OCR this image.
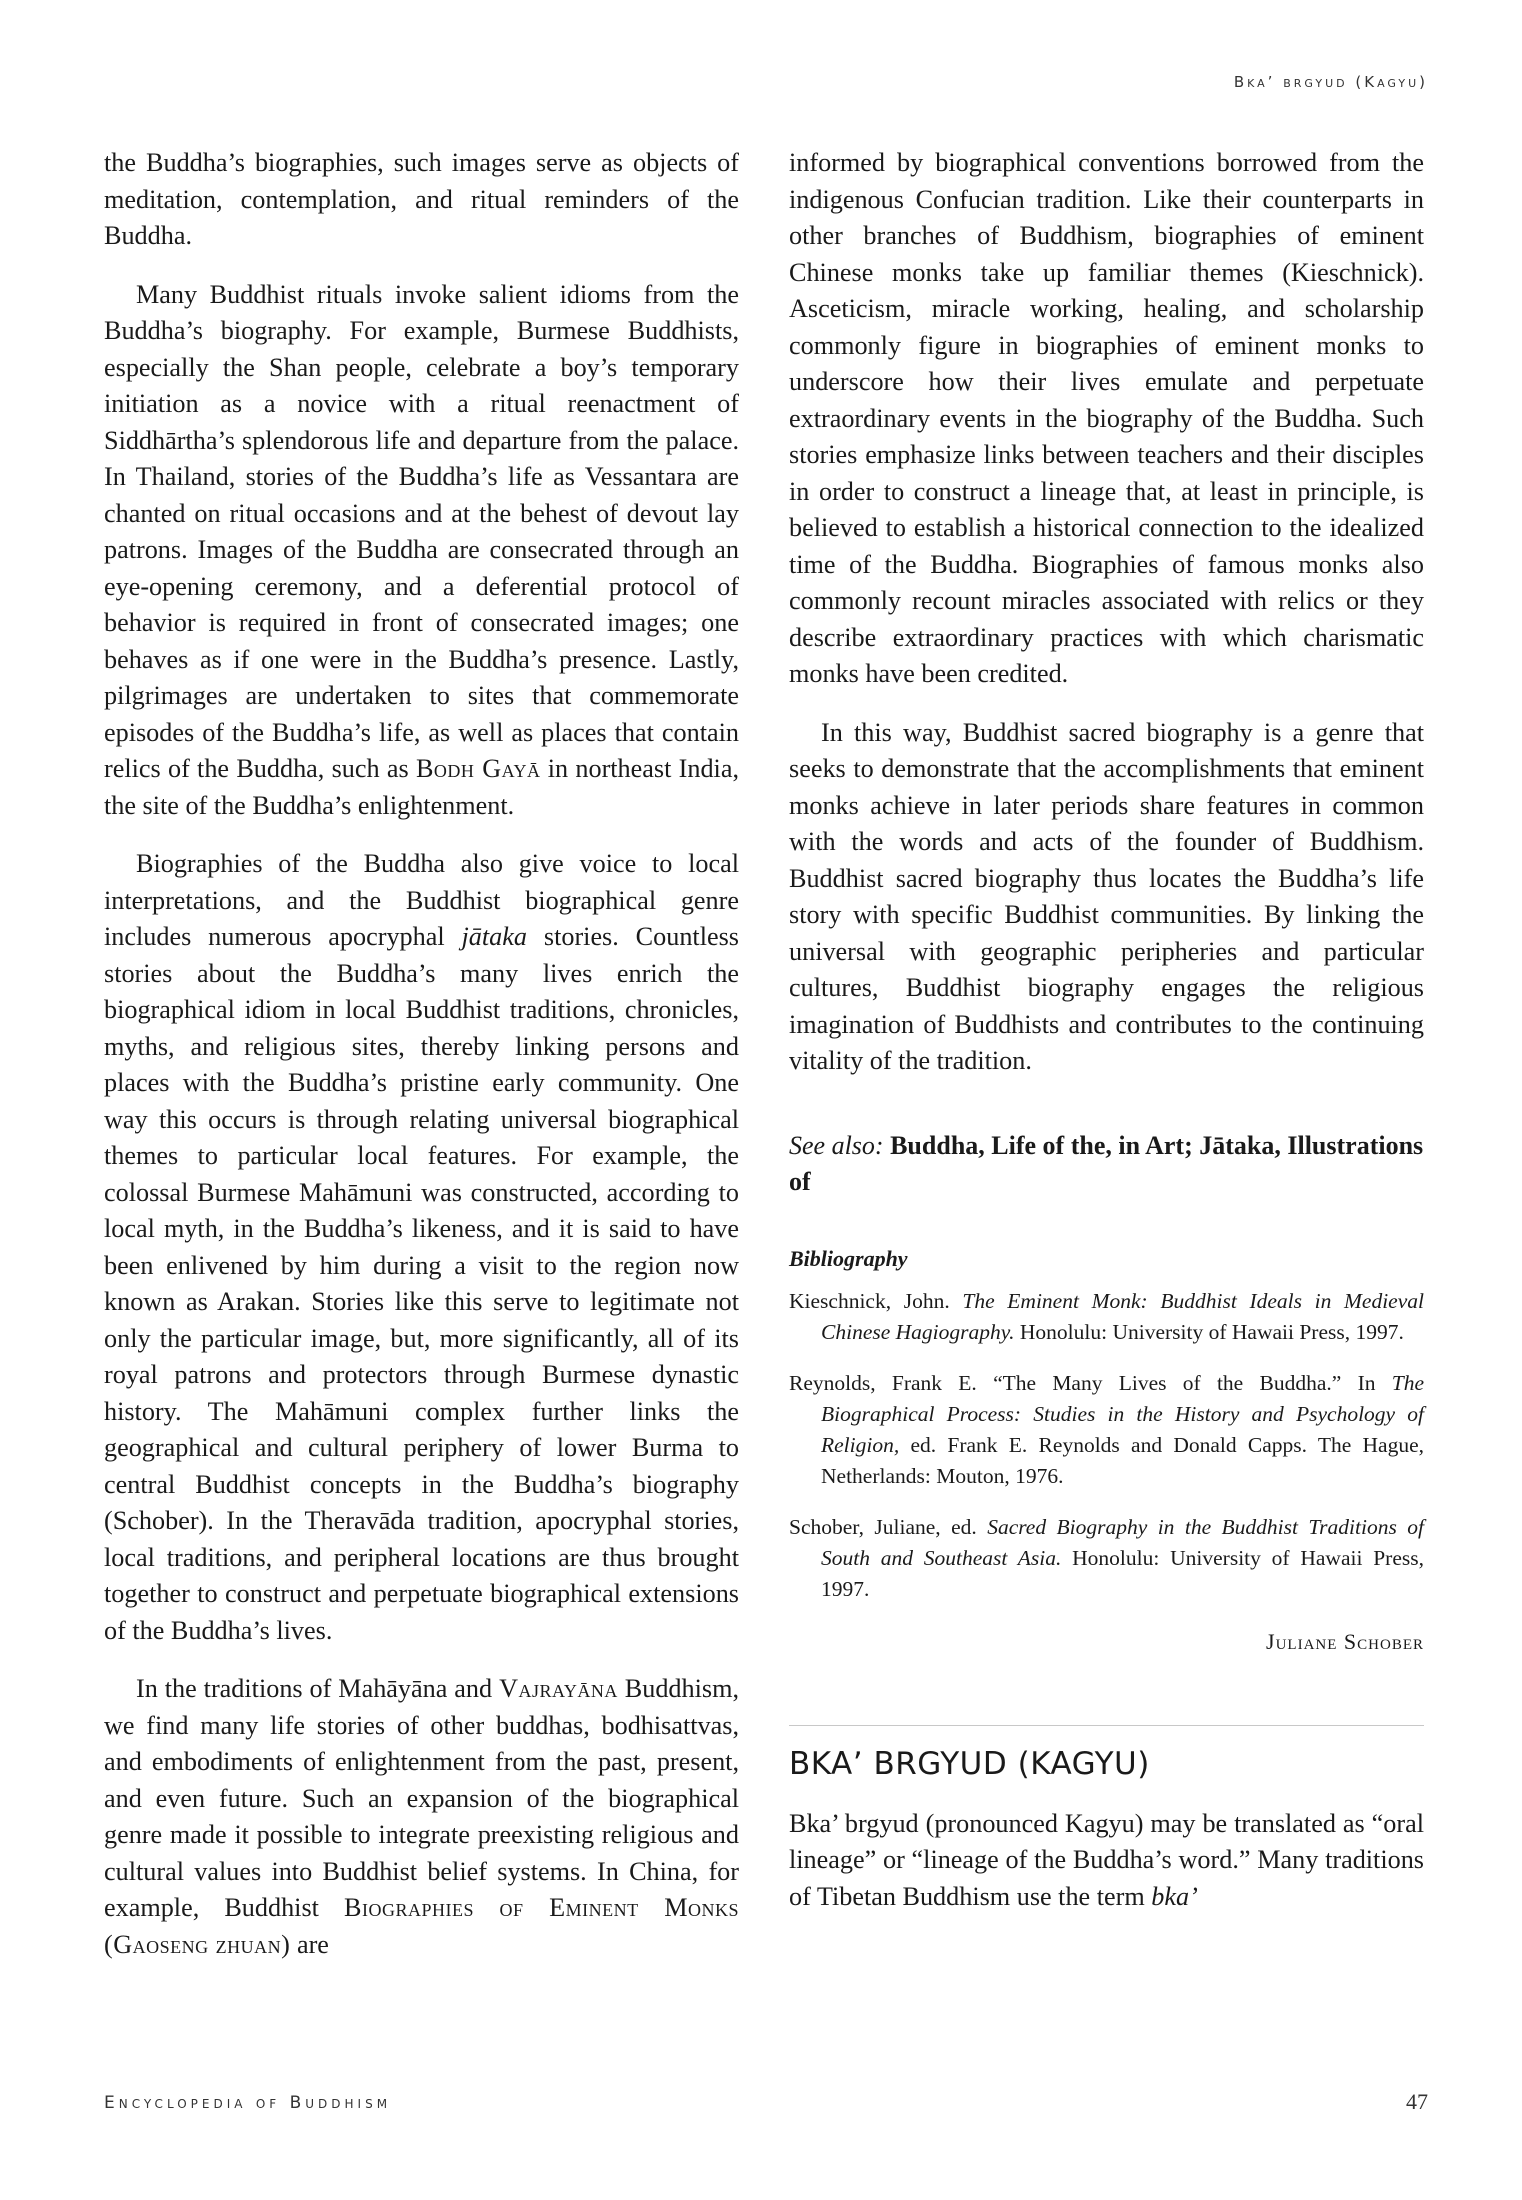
Bka’ brgyud (Kagyu)

the Buddha’s biographies, such images serve as objects of meditation, contemplation, and ritual reminders of the Buddha.

Many Buddhist rituals invoke salient idioms from the Buddha’s biography. For example, Burmese Buddhists, especially the Shan people, celebrate a boy’s temporary initiation as a novice with a ritual reenactment of Siddhārtha’s splendorous life and departure from the palace. In Thailand, stories of the Buddha’s life as Vessantara are chanted on ritual occasions and at the behest of devout lay patrons. Images of the Buddha are consecrated through an eye-opening ceremony, and a deferential protocol of behavior is required in front of consecrated images; one behaves as if one were in the Buddha’s presence. Lastly, pilgrimages are undertaken to sites that commemorate episodes of the Buddha’s life, as well as places that contain relics of the Buddha, such as Bodh Gayā in northeast India, the site of the Buddha’s enlightenment.

Biographies of the Buddha also give voice to local interpretations, and the Buddhist biographical genre includes numerous apocryphal jātaka stories. Countless stories about the Buddha’s many lives enrich the biographical idiom in local Buddhist traditions, chronicles, myths, and religious sites, thereby linking persons and places with the Buddha’s pristine early community. One way this occurs is through relating universal biographical themes to particular local features. For example, the colossal Burmese Mahāmuni was constructed, according to local myth, in the Buddha’s likeness, and it is said to have been enlivened by him during a visit to the region now known as Arakan. Stories like this serve to legitimate not only the particular image, but, more significantly, all of its royal patrons and protectors through Burmese dynastic history. The Mahāmuni complex further links the geographical and cultural periphery of lower Burma to central Buddhist concepts in the Buddha’s biography (Schober). In the Theravāda tradition, apocryphal stories, local traditions, and peripheral locations are thus brought together to construct and perpetuate biographical extensions of the Buddha’s lives.

In the traditions of Mahāyāna and Vajrayāna Buddhism, we find many life stories of other buddhas, bodhisattvas, and embodiments of enlightenment from the past, present, and even future. Such an expansion of the biographical genre made it possible to integrate preexisting religious and cultural values into Buddhist belief systems. In China, for example, Buddhist Biographies of Eminent Monks (Gaoseng zhuan) are

informed by biographical conventions borrowed from the indigenous Confucian tradition. Like their counterparts in other branches of Buddhism, biographies of eminent Chinese monks take up familiar themes (Kieschnick). Asceticism, miracle working, healing, and scholarship commonly figure in biographies of eminent monks to underscore how their lives emulate and perpetuate extraordinary events in the biography of the Buddha. Such stories emphasize links between teachers and their disciples in order to construct a lineage that, at least in principle, is believed to establish a historical connection to the idealized time of the Buddha. Biographies of famous monks also commonly recount miracles associated with relics or they describe extraordinary practices with which charismatic monks have been credited.

In this way, Buddhist sacred biography is a genre that seeks to demonstrate that the accomplishments that eminent monks achieve in later periods share features in common with the words and acts of the founder of Buddhism. Buddhist sacred biography thus locates the Buddha’s life story with specific Buddhist communities. By linking the universal with geographic peripheries and particular cultures, Buddhist biography engages the religious imagination of Buddhists and contributes to the continuing vitality of the tradition.

See also: Buddha, Life of the, in Art; Jātaka, Illustrations of

Bibliography

Kieschnick, John. The Eminent Monk: Buddhist Ideals in Medieval Chinese Hagiography. Honolulu: University of Hawaii Press, 1997.

Reynolds, Frank E. “The Many Lives of the Buddha.” In The Biographical Process: Studies in the History and Psychology of Religion, ed. Frank E. Reynolds and Donald Capps. The Hague, Netherlands: Mouton, 1976.

Schober, Juliane, ed. Sacred Biography in the Buddhist Traditions of South and Southeast Asia. Honolulu: University of Hawaii Press, 1997.

Juliane Schober
BKA’ BRGYUD (KAGYU)

Bka’ brgyud (pronounced Kagyu) may be translated as “oral lineage” or “lineage of the Buddha’s word.” Many traditions of Tibetan Buddhism use the term bka’

Encyclopedia of Buddhism	47
